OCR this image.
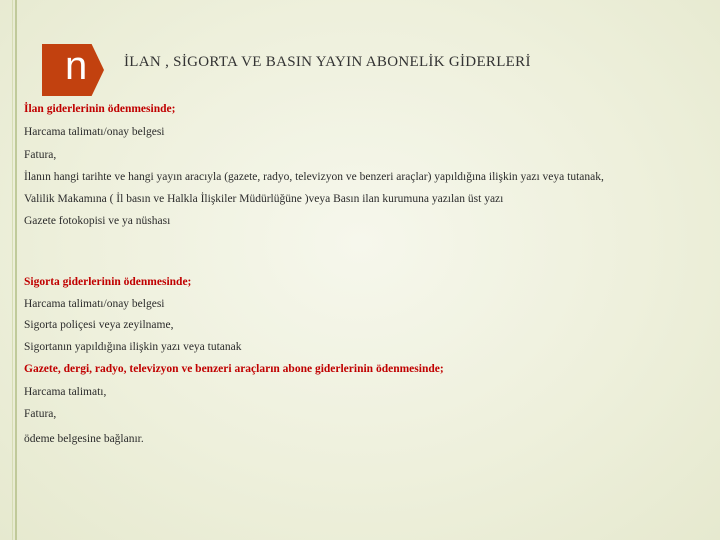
n İLAN , SİGORTA VE BASIN YAYIN ABONELİK GİDERLERİ
İlan giderlerinin ödenmesinde;
Harcama talimatı/onay belgesi
Fatura,
İlanın hangi tarihte ve hangi yayın aracıyla (gazete, radyo, televizyon ve benzeri araçlar) yapıldığına ilişkin yazı veya tutanak,
Valilik Makamına ( İl basın ve Halkla İlişkiler Müdürlüğüne )veya Basın ilan kurumuna yazılan üst yazı
Gazete fotokopisi ve ya nüshası
Sigorta giderlerinin ödenmesinde;
Harcama talimatı/onay belgesi
Sigorta poliçesi veya zeyilname,
Sigortanın yapıldığına ilişkin yazı veya tutanak
Gazete, dergi, radyo, televizyon ve benzeri araçların abone giderlerinin ödenmesinde;
Harcama talimatı,
Fatura,
ödeme belgesine bağlanır.
